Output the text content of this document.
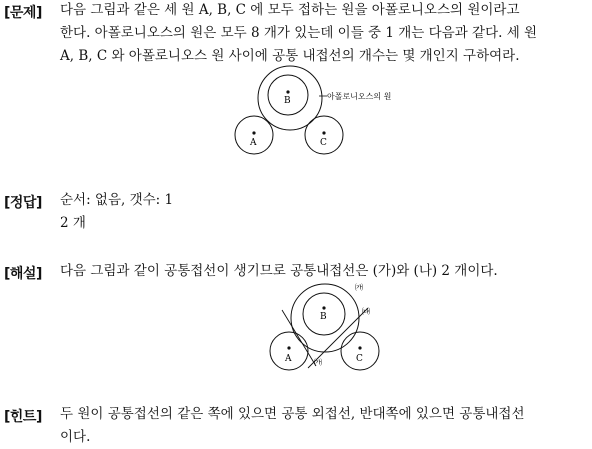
[문제] 다음 그림과 같은 세 원 A, B, C 에 모두 접하는 원을 아폴로니오스의 원이라고
한다. 아폴로니오스의 원은 모두 8 개가 있는데 이들 중 1 개는 다음과 같다. 세 원
A, B, C 와 아폴로니오스 원 사이에 공통 내접선의 개수는 몇 개인지 구하여라.
B
A	C
아폴로니오스의 원
[정답] 순서: 없음, 갯수: 1
2 개
[해설] 다음 그림과 같이 공통접선이 생기므로 공통내접선은 (가)와 (나) 2 개이다.
B
A	C
㈎
㈏
㈎
[힌트] 두 원이 공통접선의 같은 쪽에 있으면 공통 외접선, 반대쪽에 있으면 공통내접선
이다.
